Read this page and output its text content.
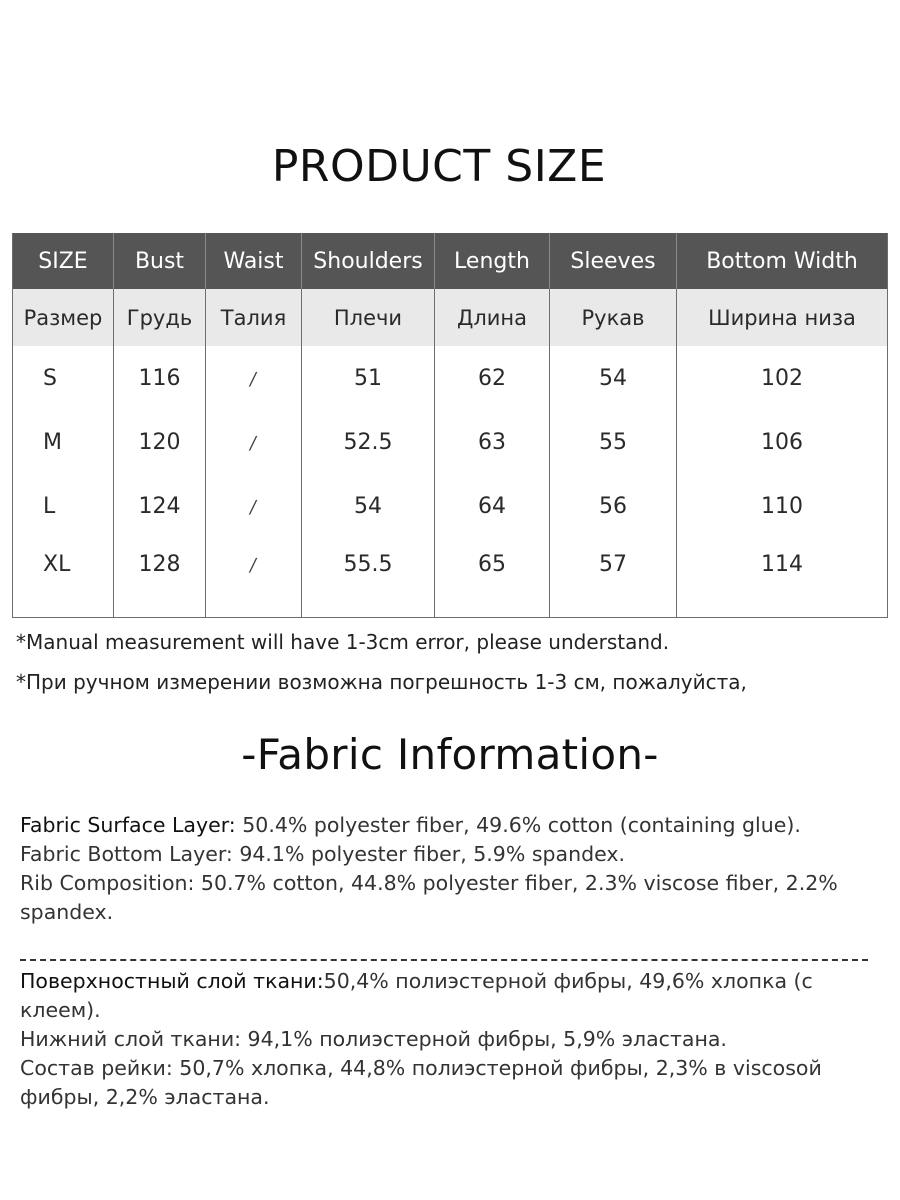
PRODUCT SIZE
SIZE	Bust	Waist	Shoulders	Length	Sleeves	Bottom Width
Размер	Грудь	Талия	Плечи	Длина	Рукав	Ширина низа
S	116	/	51	62	54	102
M	120	/	52.5	63	55	106
L	124	/	54	64	56	110

XL	128	/	55.5	65	57	114
*Manual measurement will have 1-3cm error, please understand.
*При ручном измерении возможна погрешность 1-3 см, пожалуйста,
-Fabric Information-
Fabric Surface Layer: 50.4% polyester fiber, 49.6% cotton (containing glue).
Fabric Bottom Layer: 94.1% polyester fiber, 5.9% spandex.
Rib Composition: 50.7% cotton, 44.8% polyester fiber, 2.3% viscose fiber, 2.2% spandex.
Поверхностный слой ткани:50,4% полиэстерной фибры, 49,6% хлопка (с клеем).
Нижний слой ткани: 94,1% полиэстерной фибры, 5,9% эластана.
Состав рейки: 50,7% хлопка, 44,8% полиэстерной фибры, 2,3% в viscosoй фибры, 2,2% эластана.
